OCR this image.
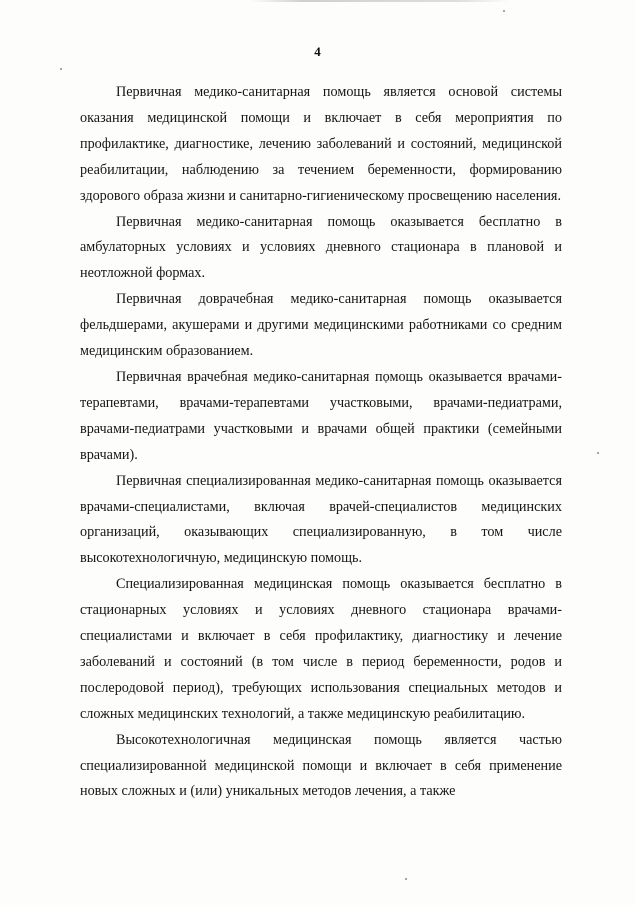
4

Первичная медико-санитарная помощь является основой системы оказания медицинской помощи и включает в себя мероприятия по профилактике, диагностике, лечению заболеваний и состояний, медицинской реабилитации, наблюдению за течением беременности, формированию здорового образа жизни и санитарно-гигиеническому просвещению населения.

Первичная медико-санитарная помощь оказывается бесплатно в амбулаторных условиях и условиях дневного стационара в плановой и неотложной формах.

Первичная доврачебная медико-санитарная помощь оказывается фельдшерами, акушерами и другими медицинскими работниками со средним медицинским образованием.

Первичная врачебная медико-санитарная помощь оказывается врачами-терапевтами, врачами-терапевтами участковыми, врачами-педиатрами, врачами-педиатрами участковыми и врачами общей практики (семейными врачами).

Первичная специализированная медико-санитарная помощь оказывается врачами-специалистами, включая врачей-специалистов медицинских организаций, оказывающих специализированную, в том числе высокотехнологичную, медицинскую помощь.

Специализированная медицинская помощь оказывается бесплатно в стационарных условиях и условиях дневного стационара врачами-специалистами и включает в себя профилактику, диагностику и лечение заболеваний и состояний (в том числе в период беременности, родов и послеродовой период), требующих использования специальных методов и сложных медицинских технологий, а также медицинскую реабилитацию.

Высокотехнологичная медицинская помощь является частью специализированной медицинской помощи и включает в себя применение новых сложных и (или) уникальных методов лечения, а также
